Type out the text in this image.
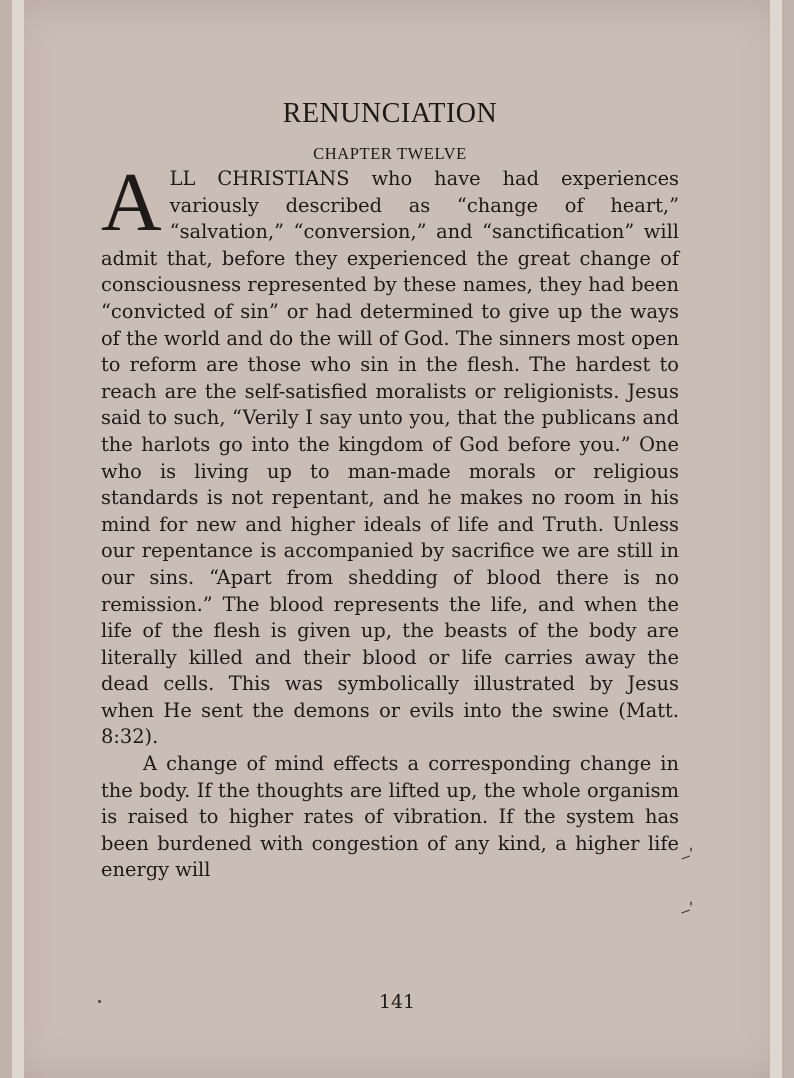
RENUNCIATION
CHAPTER TWELVE

ALL CHRISTIANS who have had experiences variously described as “change of heart,” “salvation,” “conversion,” and “sanctification” will admit that, before they experienced the great change of consciousness represented by these names, they had been “convicted of sin” or had determined to give up the ways of the world and do the will of God. The sinners most open to reform are those who sin in the flesh. The hardest to reach are the self-satisfied moralists or religionists. Jesus said to such, “Verily I say unto you, that the publicans and the harlots go into the kingdom of God before you.” One who is living up to man-made morals or religious standards is not repentant, and he makes no room in his mind for new and higher ideals of life and Truth. Unless our repentance is accompanied by sacrifice we are still in our sins. “Apart from shedding of blood there is no remission.” The blood represents the life, and when the life of the flesh is given up, the beasts of the body are literally killed and their blood or life carries away the dead cells. This was symbolically illustrated by Jesus when He sent the demons or evils into the swine (Matt. 8:32).

A change of mind effects a corresponding change in the body. If the thoughts are lifted up, the whole organism is raised to higher rates of vibration. If the system has been burdened with congestion of any kind, a higher life energy will

‒’
‒’
141
